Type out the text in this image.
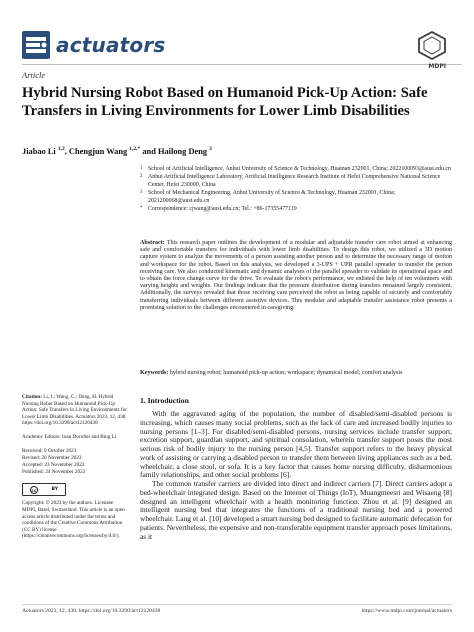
actuators
MDPI
Article
Hybrid Nursing Robot Based on Humanoid Pick-Up Action: Safe Transfers in Living Environments for Lower Limb Disabilities
Jiabao Li $^{1,2}$, Chengjun Wang $^{1,2,*}$ and Hailong Deng $^3$
1 School of Artificial Intelligence, Anhui University of Science & Technology, Huainan 232001, China; 2022100093@aust.edu.cn
2 Anhui Artificial Intelligence Laboratory, Artificial Intelligence Research Institute of Hefei Comprehensive National Science Center, Hefei 230000, China
3 School of Mechanical Engineering, Anhui University of Science & Technology, Huainan 232001, China; 2021200068@aust.edu.cn
* Correspondence: cjwang@aust.edu.cn; Tel.: +86-17355477119
Abstract: This research paper outlines the development of a modular and adjustable transfer care robot aimed at enhancing safe and comfortable transfers for individuals with lower limb disabilities. To design this robot, we utilized a 3D motion capture system to analyze the movements of a person assisting another person and to determine the necessary range of motion and workspace for the robot. Based on this analysis, we developed a 3-UPS + UPR parallel spreader to transfer the person receiving care. We also conducted kinematic and dynamic analyses of the parallel spreader to validate its operational space and to obtain the force change curve for the drive. To evaluate the robot's performance, we enlisted the help of ten volunteers with varying heights and weights. Our findings indicate that the pressure distribution during transfers remained largely consistent. Additionally, the surveys revealed that those receiving care perceived the robot as being capable of securely and comfortably transferring individuals between different assistive devices. This modular and adaptable transfer assistance robot presents a promising solution to the challenges encountered in caregiving.
Keywords: hybrid nursing robot; humanoid pick-up action; workspace; dynamical model; comfort analysis
Citation: Li, J.; Wang, C.; Deng, H. Hybrid Nursing Robot Based on Humanoid Pick-Up Action: Safe Transfers in Living Environments for Lower Limb Disabilities. Actuators 2023, 12, 438. https://doi.org/10.3390/act12120438
Academic Editors: Ioan Doroftei and Bing Li
Received: 9 October 2023
Revised: 20 November 2023
Accepted: 23 November 2023
Published: 24 November 2023
cc	BY
Copyright: © 2023 by the authors. Licensee MDPI, Basel, Switzerland. This article is an open access article distributed under the terms and conditions of the Creative Commons Attribution (CC BY) license (https://creativecommons.org/licenses/by/4.0/).
1. Introduction

With the aggravated aging of the population, the number of disabled/semi-disabled persons is increasing, which causes many social problems, such as the lack of care and increased bodily injuries to nursing persons [1–3]. For disabled/semi-disabled persons, nursing services include transfer support, excretion support, guardian support, and spiritual consolation, wherein transfer support poses the most serious risk of bodily injury to the nursing person [4,5]. Transfer support refers to the heavy physical work of assisting or carrying a disabled person to transfer them between living appliances such as a bed, wheelchair, a close stool, or sofa. It is a key factor that causes home nursing difficulty, disharmonious family relationships, and other social problems [6].

The common transfer carriers are divided into direct and indirect carriers [7]. Direct carriers adopt a bed-wheelchair integrated design. Based on the Internet of Things (IoT), Muangmeesri and Wisaeng [8] designed an intelligent wheelchair with a health monitoring function. Zhou et al. [9] designed an intelligent nursing bed that integrates the functions of a traditional nursing bed and a powered wheelchair. Lang et al. [10] developed a smart nursing bed designed to facilitate automatic defecation for patients. Nevertheless, the expensive and non-transferable equipment transfer approach poses limitations, as it

Actuators 2023, 12, 438. https://doi.org/10.3390/act12120438	https://www.mdpi.com/journal/actuators
